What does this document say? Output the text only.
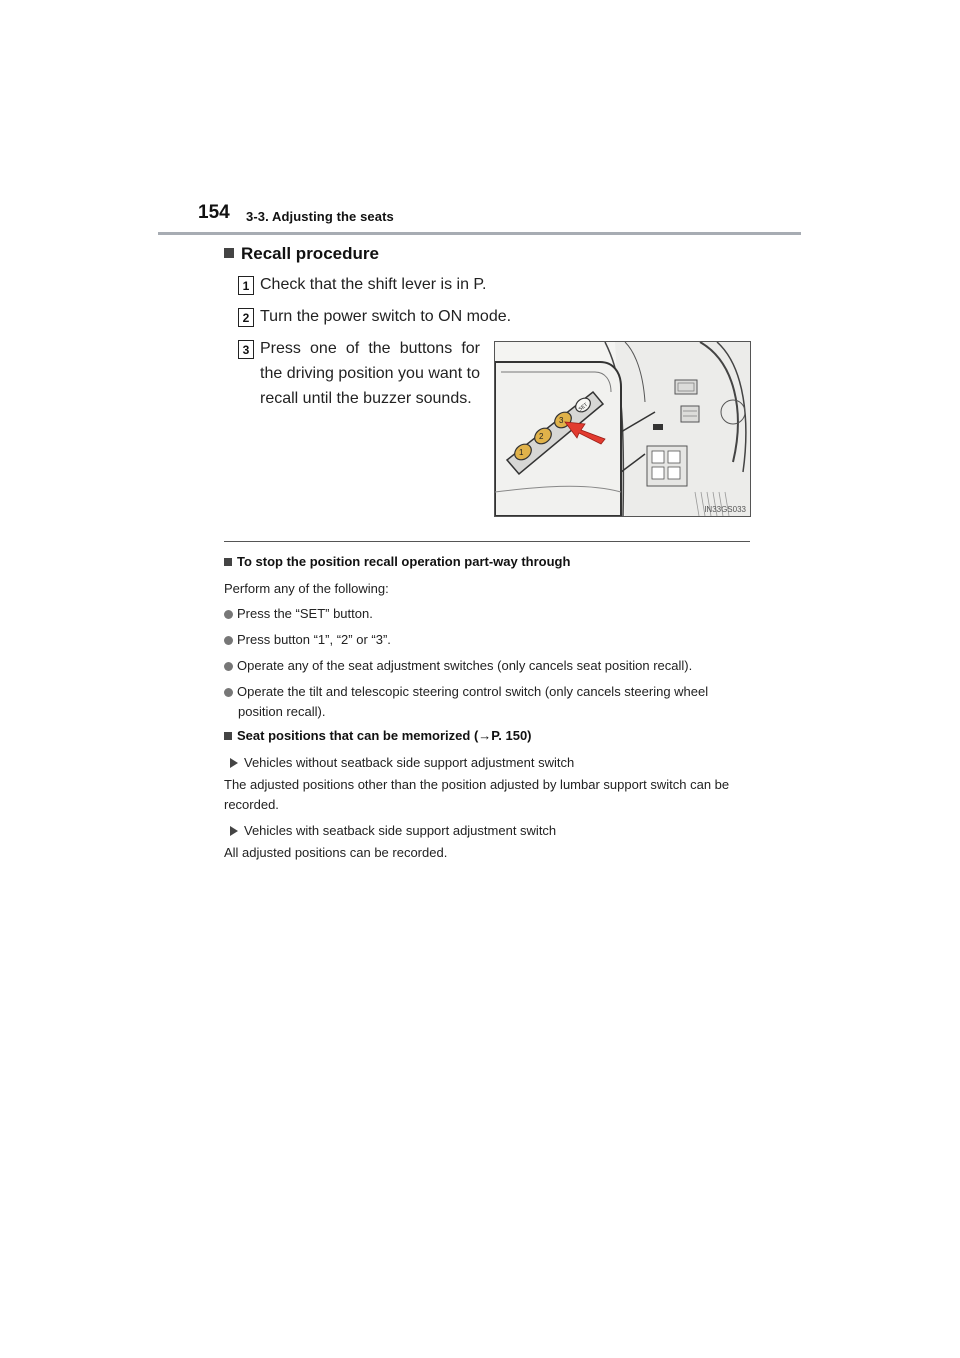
154 3-3. Adjusting the seats
Recall procedure
1 Check that the shift lever is in P.
2 Turn the power switch to ON mode.
3 Press one of the buttons for the driving position you want to recall until the buzzer sounds.
1
2
3
SET
IN33GS033
To stop the position recall operation part-way through
Perform any of the following:
Press the “SET” button.
Press button “1”, “2” or “3”.
Operate any of the seat adjustment switches (only cancels seat position recall).
Operate the tilt and telescopic steering control switch (only cancels steering wheel position recall).
Seat positions that can be memorized (→P. 150)
Vehicles without seatback side support adjustment switch
The adjusted positions other than the position adjusted by lumbar support switch can be recorded.
Vehicles with seatback side support adjustment switch
All adjusted positions can be recorded.
